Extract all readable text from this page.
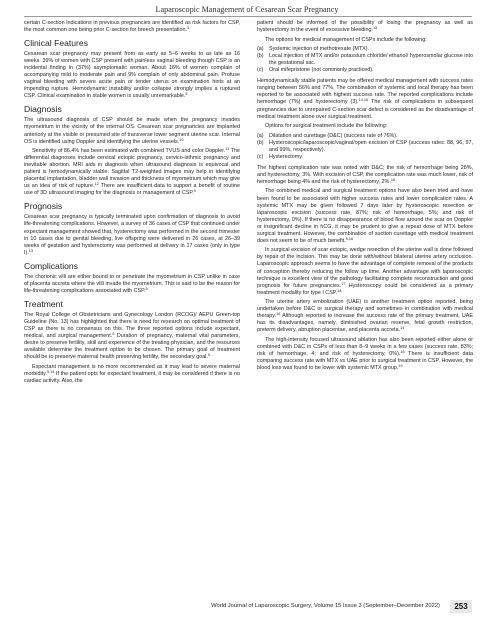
Laparoscopic Management of Cesarean Scar Pregnancy

certain C-section indications in previous pregnancies are identified as risk factors for CSP, the most common one being prior C-section for breech presentation.$^3$

Clinical Features

Cesarean scar pregnancy may present from as early as 5–6 weeks to as late as 16 weeks. 39% of women with CSP present with painless vaginal bleeding though CSP is an incidental finding in (37%) asymptomatic woman. About 16% of women complain of accompanying mild to moderate pain and 9% complain of only abdominal pain. Profuse vaginal bleeding with severe acute pain or tender uterus on examination hints at an impending rupture. Hemodynamic instability and/or collapse strongly implies a ruptured CSP. Clinical examination in stable women is usually unremarkable.$^5$

Diagnosis

The ultrasound diagnosis of CSP should be made when the pregnancy invades myometrium in the vicinity of the internal OS. Cesarean scar pregnancies are implanted anteriorly at the visible or presumed site of transverse lower segment uterine scar. Internal OS is identified using Doppler and identifying the uterine vessels.$^{10}$

Sensitivity of 86.4% has been estimated with combined TVUS and color Doppler.$^{11}$ The differential diagnoses include cervical ectopic pregnancy, cervico-isthmic pregnancy and inevitable abortion. MRI aids in diagnosis when ultrasound diagnosis is equivocal and patient is hemodynamically stable. Sagittal T2-weighted images may help in identifying placental implantation, bladder wall invasion and thickness of myometrium which may give us an idea of risk of rupture.$^{12}$ There are insufficient data to support a benefit of routine use of 3D ultrasound imaging for the diagnosis or management of CSP.$^9$

Prognosis

Cesarean scar pregnancy is typically terminated upon confirmation of diagnosis to avoid life-threatening complications. However, a survey of 36 cases of CSP that continued under expectant management showed that, hysterectomy was performed in the second trimester in 10 cases due to genital bleeding, live offspring were delivered in 26 cases, at 26–39 weeks of gestation and hysterectomy was performed at delivery in 17 cases (only in type I).$^{13}$

Complications

The chorionic villi are either bound to or penetrate the myometrium in CSP unlike in case of placenta accreta where the villi invade the myometrium. This is said to be the reason for life-threatening complications associated with CSP.$^5$

Treatment

The Royal College of Obstetricians and Gynecology London (RCOG)/ AEPU Green-top Guideline (No. 13) has highlighted that there is need for research on optimal treatment of CSP as there is no consensus on this. The three reported options include expectant, medical, and surgical management.$^9$ Duration of pregnancy, maternal vital parameters, desire to preserve fertility, skill and experience of the treating physician, and the resources available determine the treatment option to be chosen. The primary goal of treatment should be to preserve maternal health preserving fertility, the secondary goal.$^5$

Expectant management is no more recommended as it may lead to severe maternal morbidity.$^{5,14}$ If the patient opts for expectant treatment, it may be considered if there is no cardiac activity. Also, the

patient should be informed of the possibility of losing the pregnancy as well as hysterectomy in the event of excessive bleeding.$^{15}$

The options for medical management of CSPs include the following:

(a) Systemic injection of methotrexate (MTX).
(b) Local injection of MTX and/or potassium chloride/ ethanol/ hyperosmolar glucose into the gestational sac.
(c) Oral mifepristone (not commonly practiced).

Hemodynamically stable patients may be offered medical management with success rates ranging between 56% and 77%. The combination of systemic and local therapy has been reported to be associated with highest success rate. The reported complications include hemorrhage (7%) and hysterectomy (3).$^{14,16}$ The risk of complications in subsequent pregnancies due to unrepaired C-section scar defect is considered as the disadvantage of medical treatment alone over surgical treatment.

Options for surgical treatment include the following:

(a) Dilatation and curettage (D&C) (success rate of 76%).
(b) Hysteroscopic/laparoscopic/vaginal/open excision of CSP (success rates: 88, 96, 97, and 99%, respectively).
(c) Hysterectomy.

The highest complication rate was noted with D&C; the risk of hemorrhage being 28%, and hysterectomy, 3%. With excision of CSP, the complication rate was much lower, risk of hemorrhage being 4% and the risk of hysterectomy, 2%.$^{16}$

The combined medical and surgical treatment options have also been tried and have been found to be associated with higher success rates and lower complication rates. A systemic MTX may be given followed 7 days later by hysteroscopic resection or laparoscopic excision (success rate, 87%; risk of hemorrhage, 5%; and risk of hysterectomy, 0%). If there is no disappearance of blood flow around the scar on Doppler or insignificant decline in hCG, it may be prudent to give a repeat dose of MTX before surgical treatment. However, the combination of suction curettage with medical treatment does not seem to be of much benefit.$^{5,16}$

In surgical excision of scar ectopic, wedge resection of the uterine wall is done followed by repair of the incision. This may be done with/without bilateral uterine artery occlusion. Laparoscopic approach seems to have the advantage of complete removal of the products of conception thereby reducing the follow up time. Another advantage with laparoscopic technique is excellent view of the pathology facilitating complete reconstruction and good prognosis for future pregnancies.$^{17}$ Hysteroscopy could be considered as a primary treatment modality for type I CSP.$^{18}$

The uterine artery embolization (UAE) is another treatment option reported, being undertaken before D&C or surgical therapy and sometimes in combination with medical therapy.$^{16}$ Although reported to increase the success rate of the primary treatment, UAE has its disadvantages, namely, diminished ovarian reserve, fetal growth restriction, preterm delivery, abruption placentae, and placenta accreta.$^{14}$

The high-intensity focused ultrasound ablation has also been reported either alone or combined with D&C in CSPs of less than 8–9 weeks in a few cases (success rate, 83%; risk of hemorrhage, 4; and risk of hysterectomy, 0%).$^{16}$ There is insufficient data comparing success rate with MTX vs UAE prior to surgical treatment in CSP. However, the blood loss was found to be lower with systemic MTX group.$^{19}$

World Journal of Laparoscopic Surgery, Volume 15 Issue 3 (September–December 2022)	253
